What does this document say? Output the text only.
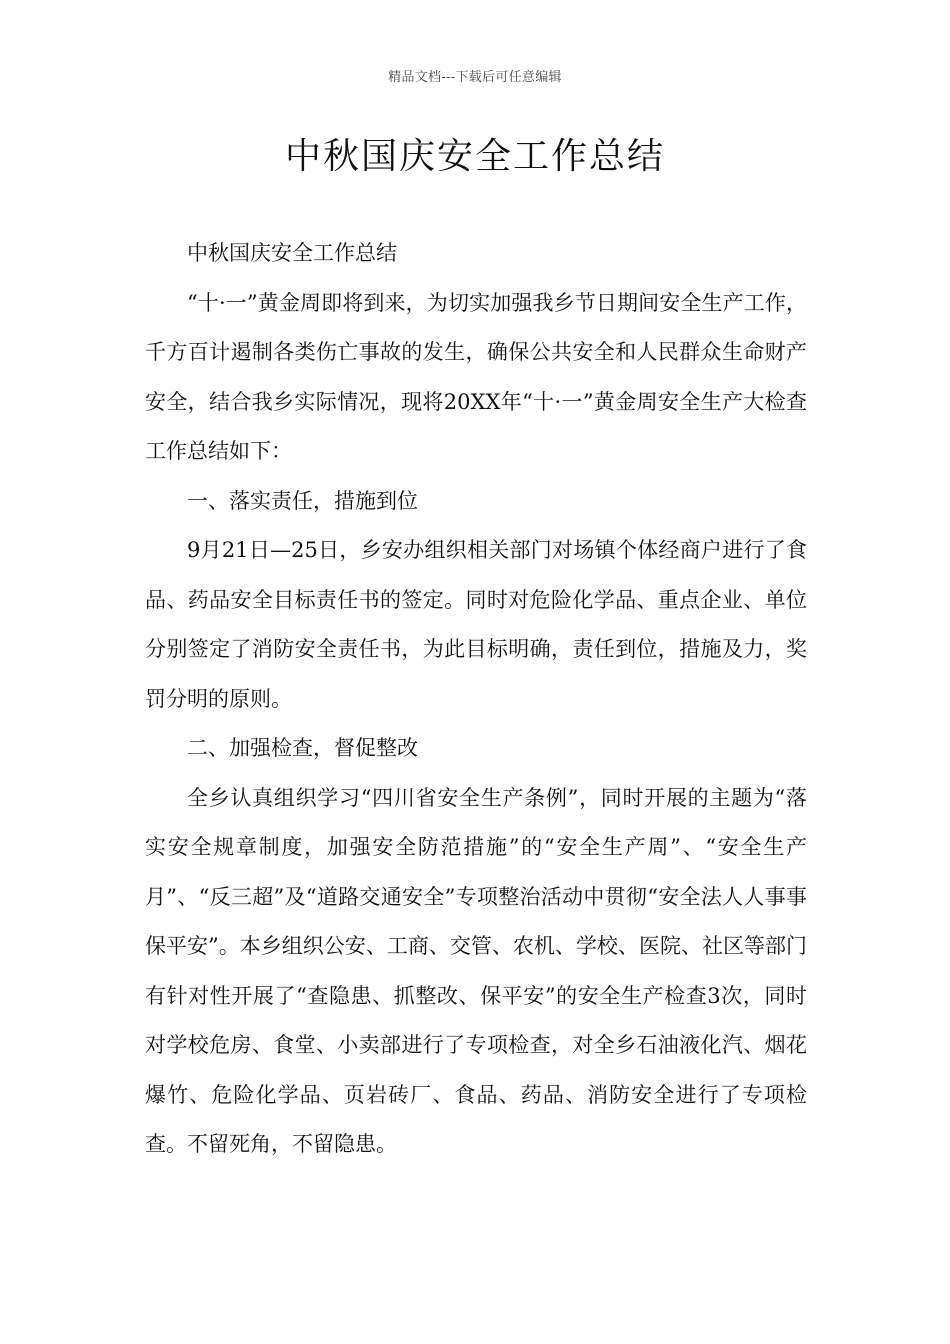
精品文档---下载后可任意编辑
中秋国庆安全工作总结

中秋国庆安全工作总结

“十·一”黄金周即将到来，为切实加强我乡节日期间安全生产工作，千方百计遏制各类伤亡事故的发生，确保公共安全和人民群众生命财产安全，结合我乡实际情况，现将20XX年“十·一”黄金周安全生产大检查工作总结如下：

一、落实责任，措施到位

9月21日—25日，乡安办组织相关部门对场镇个体经商户进行了食品、药品安全目标责任书的签定。同时对危险化学品、重点企业、单位分别签定了消防安全责任书，为此目标明确，责任到位，措施及力，奖罚分明的原则。

二、加强检查，督促整改

全乡认真组织学习“四川省安全生产条例”，同时开展的主题为“落实安全规章制度，加强安全防范措施”的“安全生产周”、“安全生产月”、“反三超”及“道路交通安全”专项整治活动中贯彻“安全法人人事事保平安”。本乡组织公安、工商、交管、农机、学校、医院、社区等部门有针对性开展了“查隐患、抓整改、保平安”的安全生产检查3次，同时对学校危房、食堂、小卖部进行了专项检查，对全乡石油液化汽、烟花爆竹、危险化学品、页岩砖厂、食品、药品、消防安全进行了专项检查。不留死角，不留隐患。
